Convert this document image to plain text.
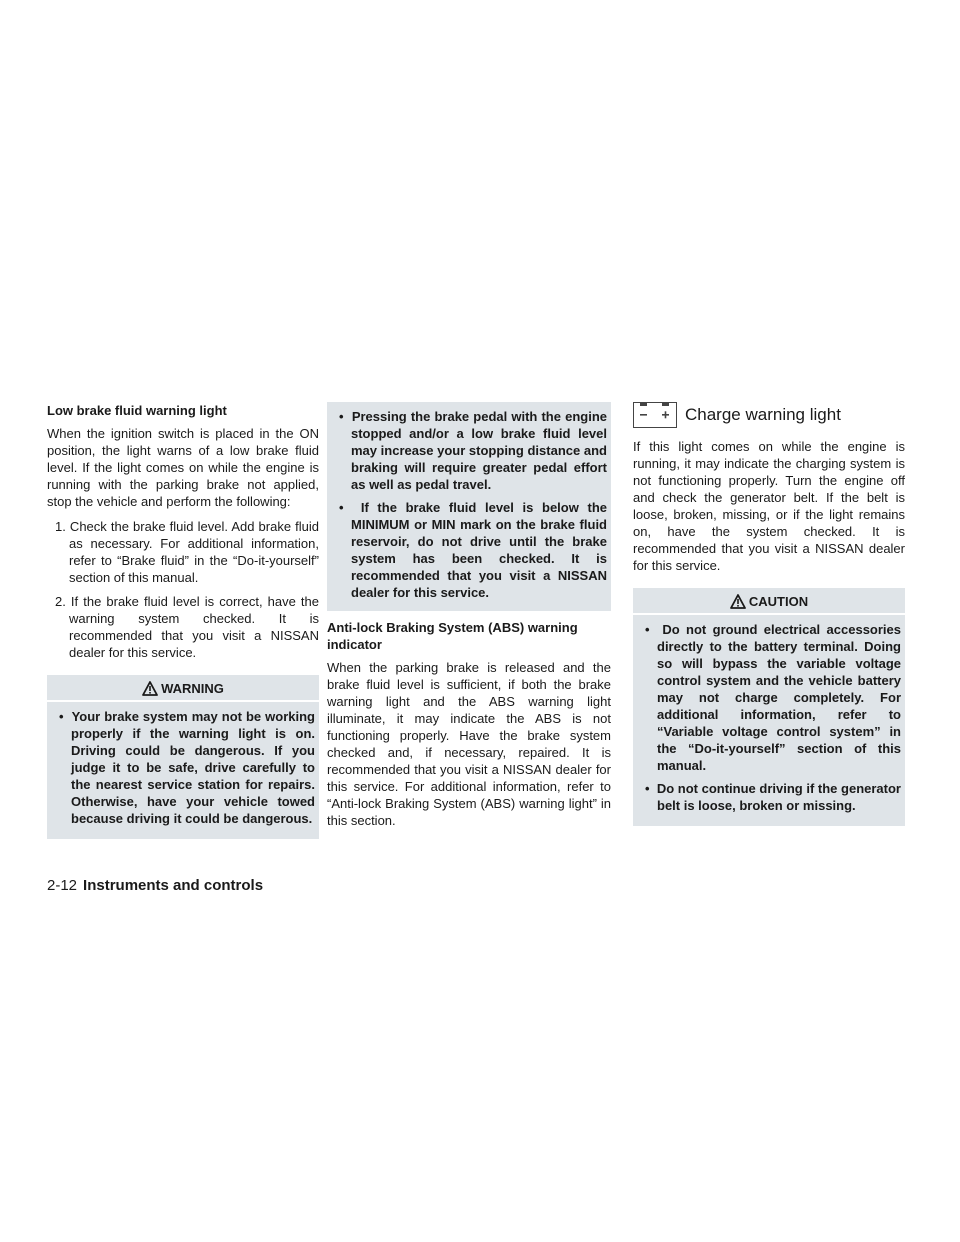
Low brake fluid warning light

When the ignition switch is placed in the ON position, the light warns of a low brake fluid level. If the light comes on while the engine is running with the parking brake not applied, stop the vehicle and perform the following:

1. Check the brake fluid level. Add brake fluid as necessary. For additional information, refer to “Brake fluid” in the “Do-it-yourself” section of this manual.
2. If the brake fluid level is correct, have the warning system checked. It is recommended that you visit a NISSAN dealer for this service.
WARNING
•  Your brake system may not be working properly if the warning light is on. Driving could be dangerous. If you judge it to be safe, drive carefully to the nearest service station for repairs. Otherwise, have your vehicle towed because driving it could be dangerous.
•  Pressing the brake pedal with the engine stopped and/or a low brake fluid level may increase your stopping distance and braking will require greater pedal effort as well as pedal travel.
•  If the brake fluid level is below the MINIMUM or MIN mark on the brake fluid reservoir, do not drive until the brake system has been checked. It is recommended that you visit a NISSAN dealer for this service.
Anti-lock Braking System (ABS) warning indicator

When the parking brake is released and the brake fluid level is sufficient, if both the brake warning light and the ABS warning light illuminate, it may indicate the ABS is not functioning properly. Have the brake system checked and, if necessary, repaired. It is recommended that you visit a NISSAN dealer for this service. For additional information, refer to “Anti-lock Braking System (ABS) warning light” in this section.

Charge warning light

If this light comes on while the engine is running, it may indicate the charging system is not functioning properly. Turn the engine off and check the generator belt. If the belt is loose, broken, missing, or if the light remains on, have the system checked. It is recommended that you visit a NISSAN dealer for this service.

CAUTION
•  Do not ground electrical accessories directly to the battery terminal. Doing so will bypass the variable voltage control system and the vehicle battery may not charge completely. For additional information, refer to “Variable voltage control system” in the “Do-it-yourself” section of this manual.
•  Do not continue driving if the generator belt is loose, broken or missing.
2-12 Instruments and controls
